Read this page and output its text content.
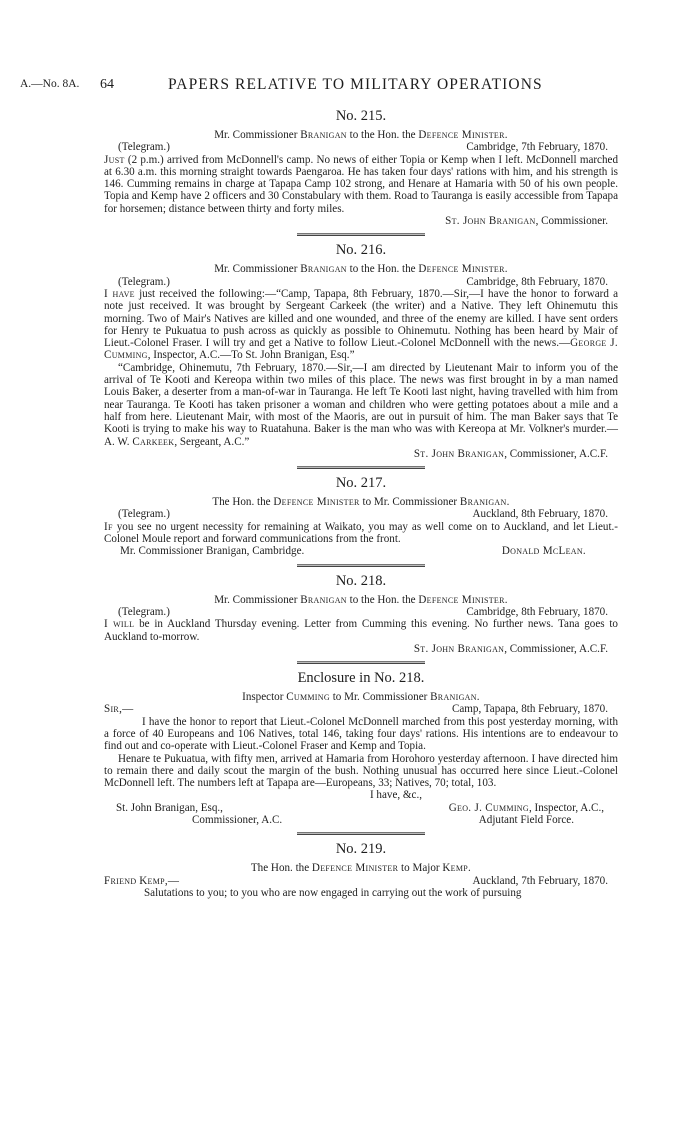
A.—No. 8A. 64	PAPERS RELATIVE TO MILITARY OPERATIONS
No. 215.
Mr. Commissioner Branigan to the Hon. the Defence Minister.
(Telegram.)	Cambridge, 7th February, 1870.

Just (2 p.m.) arrived from McDonnell's camp. No news of either Topia or Kemp when I left. McDonnell marched at 6.30 a.m. this morning straight towards Paengaroa. He has taken four days' rations with him, and his strength is 146. Cumming remains in charge at Tapapa Camp 102 strong, and Henare at Hamaria with 50 of his own people. Topia and Kemp have 2 officers and 30 Constabulary with them. Road to Tauranga is easily accessible from Tapapa for horsemen; distance between thirty and forty miles.

St. John Branigan, Commissioner.
No. 216.
Mr. Commissioner Branigan to the Hon. the Defence Minister.
(Telegram.)	Cambridge, 8th February, 1870.

I have just received the following:—“Camp, Tapapa, 8th February, 1870.—Sir,—I have the honor to forward a note just received. It was brought by Sergeant Carkeek (the writer) and a Native. They left Ohinemutu this morning. Two of Mair's Natives are killed and one wounded, and three of the enemy are killed. I have sent orders for Henry te Pukuatua to push across as quickly as possible to Ohinemutu. Nothing has been heard by Mair of Lieut.-Colonel Fraser. I will try and get a Native to follow Lieut.-Colonel McDonnell with the news.—George J. Cumming, Inspector, A.C.—To St. John Branigan, Esq.”

“Cambridge, Ohinemutu, 7th February, 1870.—Sir,—I am directed by Lieutenant Mair to inform you of the arrival of Te Kooti and Kereopa within two miles of this place. The news was first brought in by a man named Louis Baker, a deserter from a man-of-war in Tauranga. He left Te Kooti last night, having travelled with him from near Tauranga. Te Kooti has taken prisoner a woman and children who were getting potatoes about a mile and a half from here. Lieutenant Mair, with most of the Maoris, are out in pursuit of him. The man Baker says that Te Kooti is trying to make his way to Ruatahuna. Baker is the man who was with Kereopa at Mr. Volkner's murder.—A. W. Carkeek, Sergeant, A.C.”

St. John Branigan, Commissioner, A.C.F.
No. 217.
The Hon. the Defence Minister to Mr. Commissioner Branigan.
(Telegram.)	Auckland, 8th February, 1870.

If you see no urgent necessity for remaining at Waikato, you may as well come on to Auckland, and let Lieut.-Colonel Moule report and forward communications from the front.

Mr. Commissioner Branigan, Cambridge.	Donald McLean.
No. 218.
Mr. Commissioner Branigan to the Hon. the Defence Minister.
(Telegram.)	Cambridge, 8th February, 1870.

I will be in Auckland Thursday evening. Letter from Cumming this evening. No further news. Tana goes to Auckland to-morrow.

St. John Branigan, Commissioner, A.C.F.
Enclosure in No. 218.
Inspector Cumming to Mr. Commissioner Branigan.
Sir,—	Camp, Tapapa, 8th February, 1870.

I have the honor to report that Lieut.-Colonel McDonnell marched from this post yesterday morning, with a force of 40 Europeans and 106 Natives, total 146, taking four days' rations. His intentions are to endeavour to find out and co-operate with Lieut.-Colonel Fraser and Kemp and Topia.

Henare te Pukuatua, with fifty men, arrived at Hamaria from Horohoro yesterday afternoon. I have directed him to remain there and daily scout the margin of the bush. Nothing unusual has occurred here since Lieut.-Colonel McDonnell left. The numbers left at Tapapa are—Europeans, 33; Natives, 70; total, 103.

I have, &c.,
St. John Branigan, Esq.,
Commissioner, A.C.
Geo. J. Cumming, Inspector, A.C.,
Adjutant Field Force.
No. 219.
The Hon. the Defence Minister to Major Kemp.
Friend Kemp,—	Auckland, 7th February, 1870.

Salutations to you; to you who are now engaged in carrying out the work of pursuing
